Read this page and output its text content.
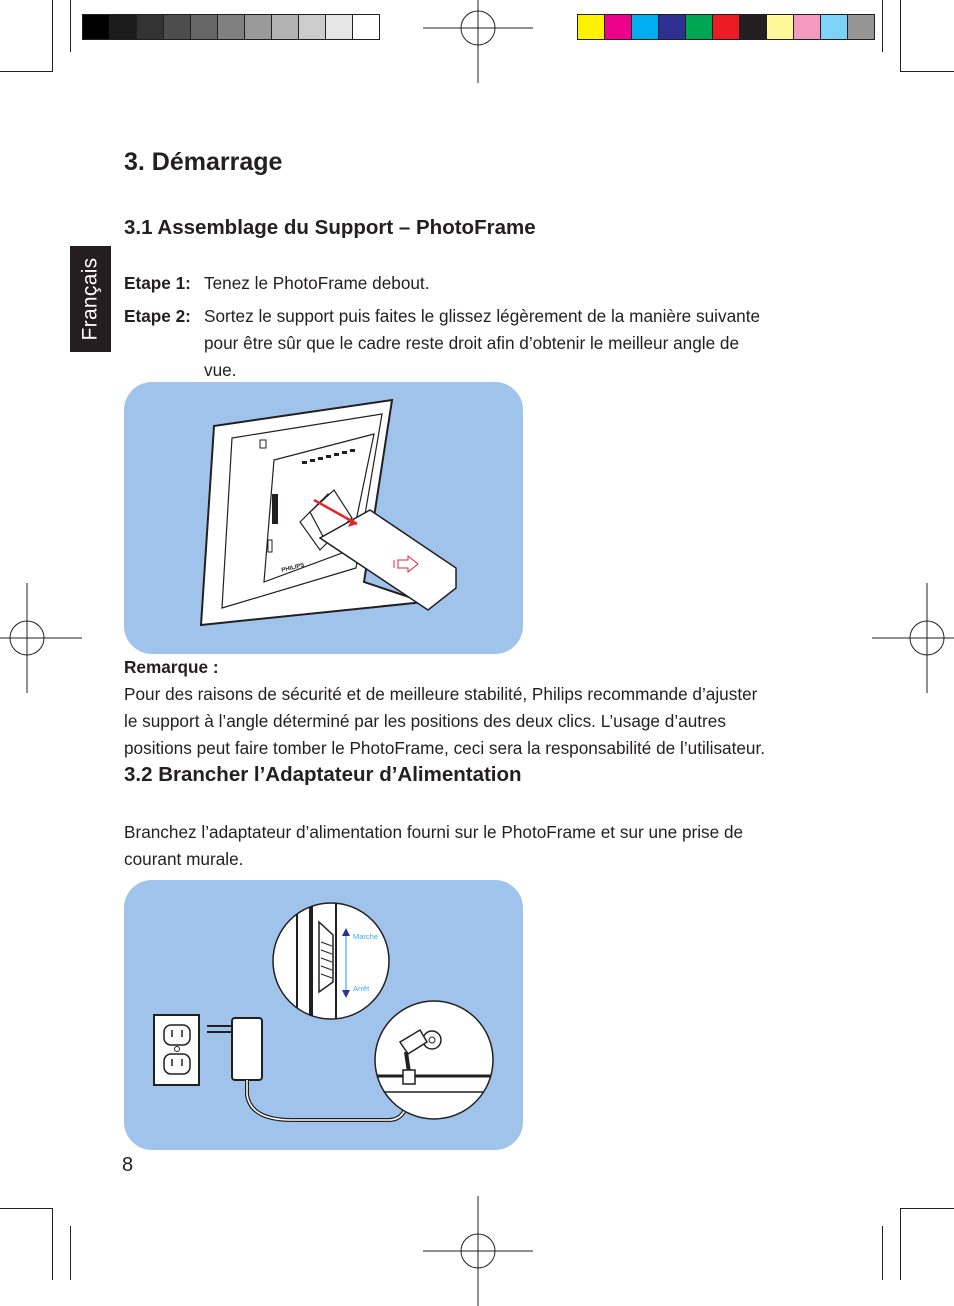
Français
3. Démarrage
3.1 Assemblage du Support – PhotoFrame
Etape 1: Tenez le PhotoFrame debout.
Etape 2: Sortez le support puis faites le glissez légèrement de la manière suivante
pour être sûr que le cadre reste droit afin d’obtenir le meilleur angle de
vue.
PHILIPS
Remarque :
Pour des raisons de sécurité et de meilleure stabilité, Philips recommande d’ajuster
le support à l’angle déterminé par les positions des deux clics. L’usage d’autres
positions peut faire tomber le PhotoFrame, ceci sera la responsabilité de l’utilisateur.
3.2 Brancher l’Adaptateur d’Alimentation
Branchez l’adaptateur d’alimentation fourni sur le PhotoFrame et sur une prise de
courant murale.
Marche
Arrêt
8
